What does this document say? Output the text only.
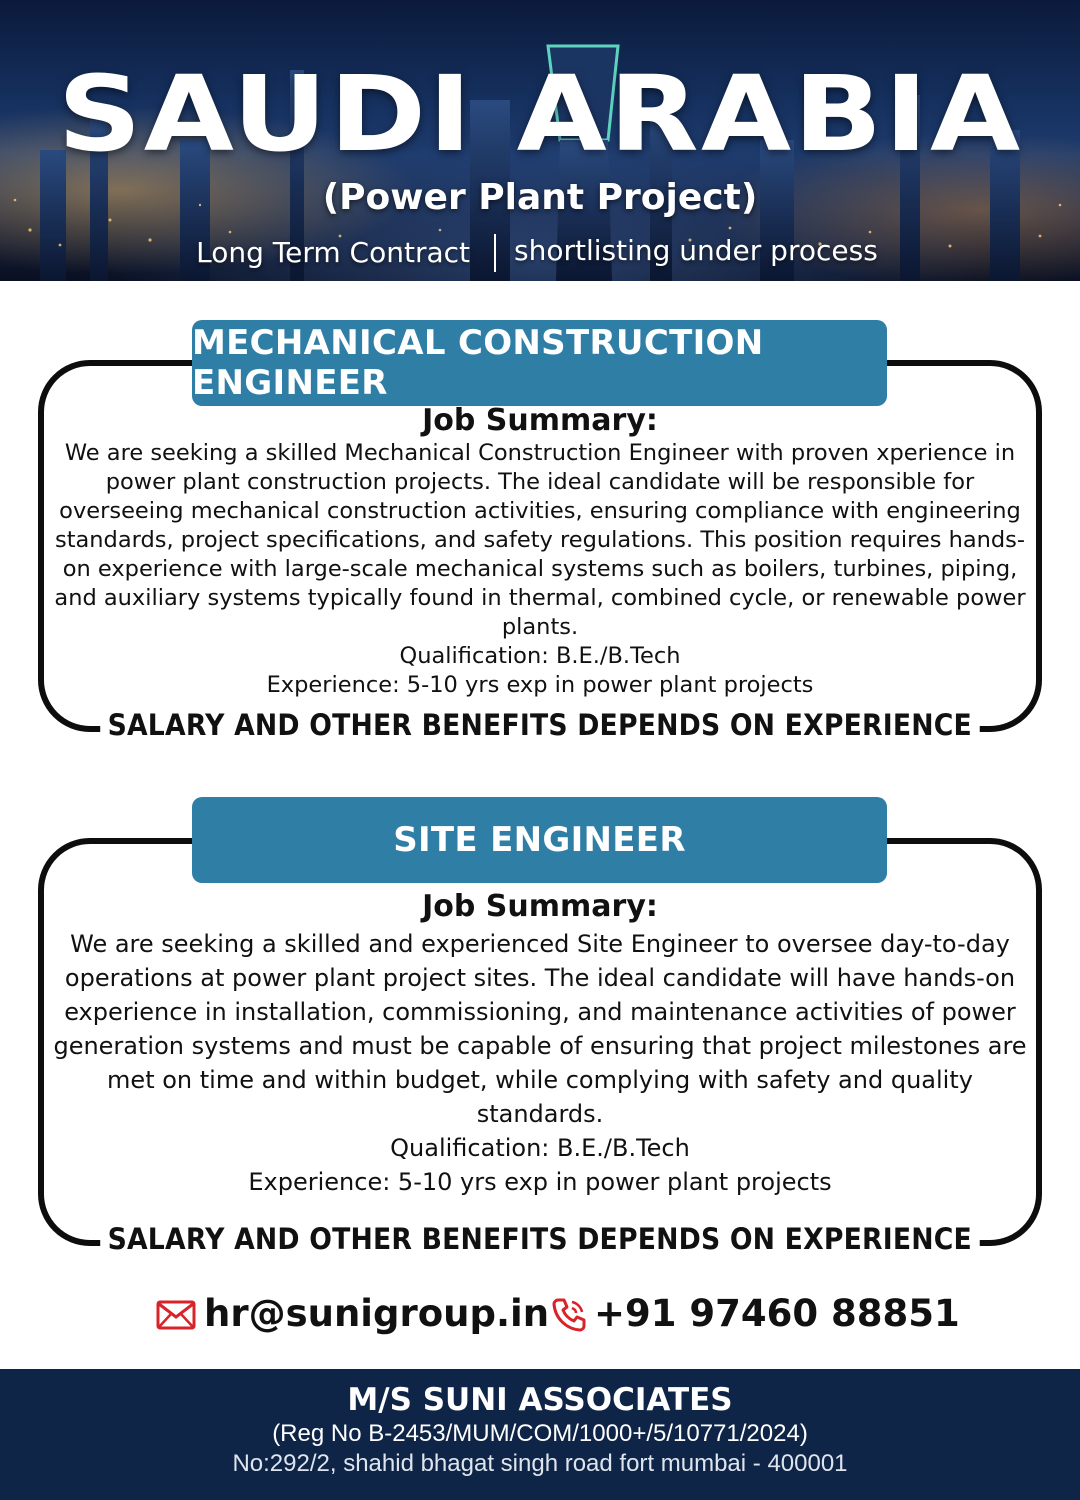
SAUDI ARABIA
(Power Plant Project)
Long Term Contract shortlisting under process
MECHANICAL CONSTRUCTION ENGINEER
Job Summary:
We are seeking a skilled Mechanical Construction Engineer with proven xperience in power plant construction projects. The ideal candidate will be responsible for overseeing mechanical construction activities, ensuring compliance with engineering standards, project specifications, and safety regulations. This position requires hands-on experience with large-scale mechanical systems such as boilers, turbines, piping, and auxiliary systems typically found in thermal, combined cycle, or renewable power plants.
Qualification: B.E./B.Tech
Experience: 5-10 yrs exp in power plant projects
SALARY AND OTHER BENEFITS DEPENDS ON EXPERIENCE
SITE ENGINEER
Job Summary:
We are seeking a skilled and experienced Site Engineer to oversee day-to-day operations at power plant project sites. The ideal candidate will have hands-on experience in installation, commissioning, and maintenance activities of power generation systems and must be capable of ensuring that project milestones are met on time and within budget, while complying with safety and quality standards.
Qualification: B.E./B.Tech
Experience: 5-10 yrs exp in power plant projects
SALARY AND OTHER BENEFITS DEPENDS ON EXPERIENCE
hr@sunigroup.in +91 97460 88851
M/S SUNI ASSOCIATES
(Reg No B-2453/MUM/COM/1000+/5/10771/2024)
No:292/2, shahid bhagat singh road fort mumbai - 400001
